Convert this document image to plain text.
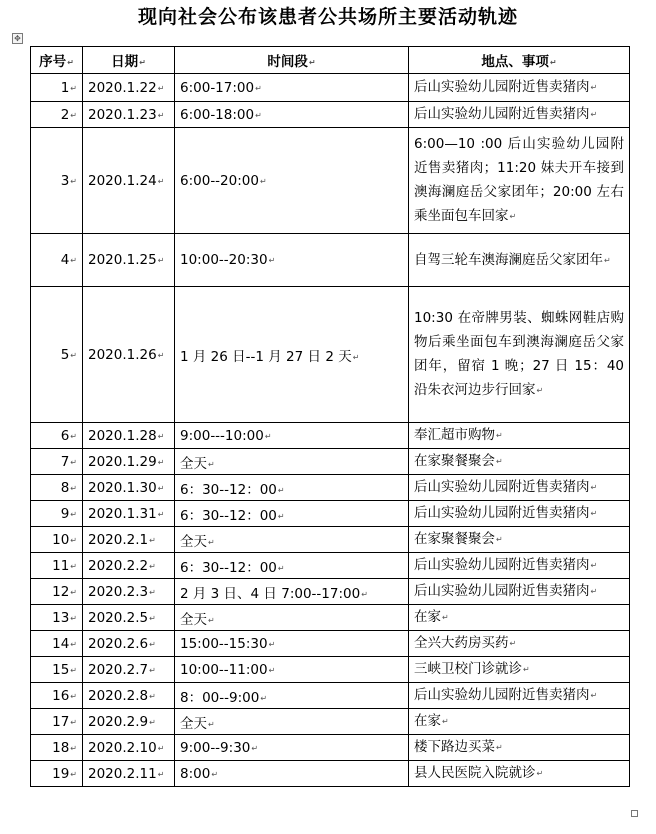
现向社会公布该患者公共场所主要活动轨迹
✥
序号 ↵	日期 ↵	时间段 ↵	地点、事项 ↵
1 ↵	2020.1.22 ↵	6:00-17:00 ↵	后山实验幼儿园附近售卖猪肉 ↵
2 ↵	2020.1.23 ↵	6:00-18:00 ↵	后山实验幼儿园附近售卖猪肉 ↵
3 ↵	2020.1.24 ↵	6:00--20:00 ↵	6:00—10 :00 后山实验幼儿园附近售卖猪肉；11:20 妹夫开车接到澳海澜庭岳父家团年；20:00 左右乘坐面包车回家 ↵
4 ↵	2020.1.25 ↵	10:00--20:30 ↵	自驾三轮车澳海澜庭岳父家团年 ↵
5 ↵	2020.1.26 ↵	1 月 26 日--1 月 27 日 2 天 ↵	10:30 在帝牌男装、蜘蛛网鞋店购物后乘坐面包车到澳海澜庭岳父家团年，留宿 1 晚；27 日 15：40 沿朱衣河边步行回家 ↵
6 ↵	2020.1.28 ↵	9:00---10:00 ↵	奉汇超市购物 ↵
7 ↵	2020.1.29 ↵	全天 ↵	在家聚餐聚会 ↵
8 ↵	2020.1.30 ↵	6：30--12：00 ↵	后山实验幼儿园附近售卖猪肉 ↵
9 ↵	2020.1.31 ↵	6：30--12：00 ↵	后山实验幼儿园附近售卖猪肉 ↵
10 ↵	2020.2.1 ↵	全天 ↵	在家聚餐聚会 ↵
11 ↵	2020.2.2 ↵	6：30--12：00 ↵	后山实验幼儿园附近售卖猪肉 ↵
12 ↵	2020.2.3 ↵	2 月 3 日、4 日 7:00--17:00 ↵	后山实验幼儿园附近售卖猪肉 ↵
13 ↵	2020.2.5 ↵	全天 ↵	在家 ↵
14 ↵	2020.2.6 ↵	15:00--15:30 ↵	全兴大药房买药 ↵
15 ↵	2020.2.7 ↵	10:00--11:00 ↵	三峡卫校门诊就诊 ↵
16 ↵	2020.2.8 ↵	8：00--9:00 ↵	后山实验幼儿园附近售卖猪肉 ↵
17 ↵	2020.2.9 ↵	全天 ↵	在家 ↵
18 ↵	2020.2.10 ↵	9:00--9:30 ↵	楼下路边买菜 ↵
19 ↵	2020.2.11 ↵	8:00 ↵	县人民医院入院就诊 ↵
